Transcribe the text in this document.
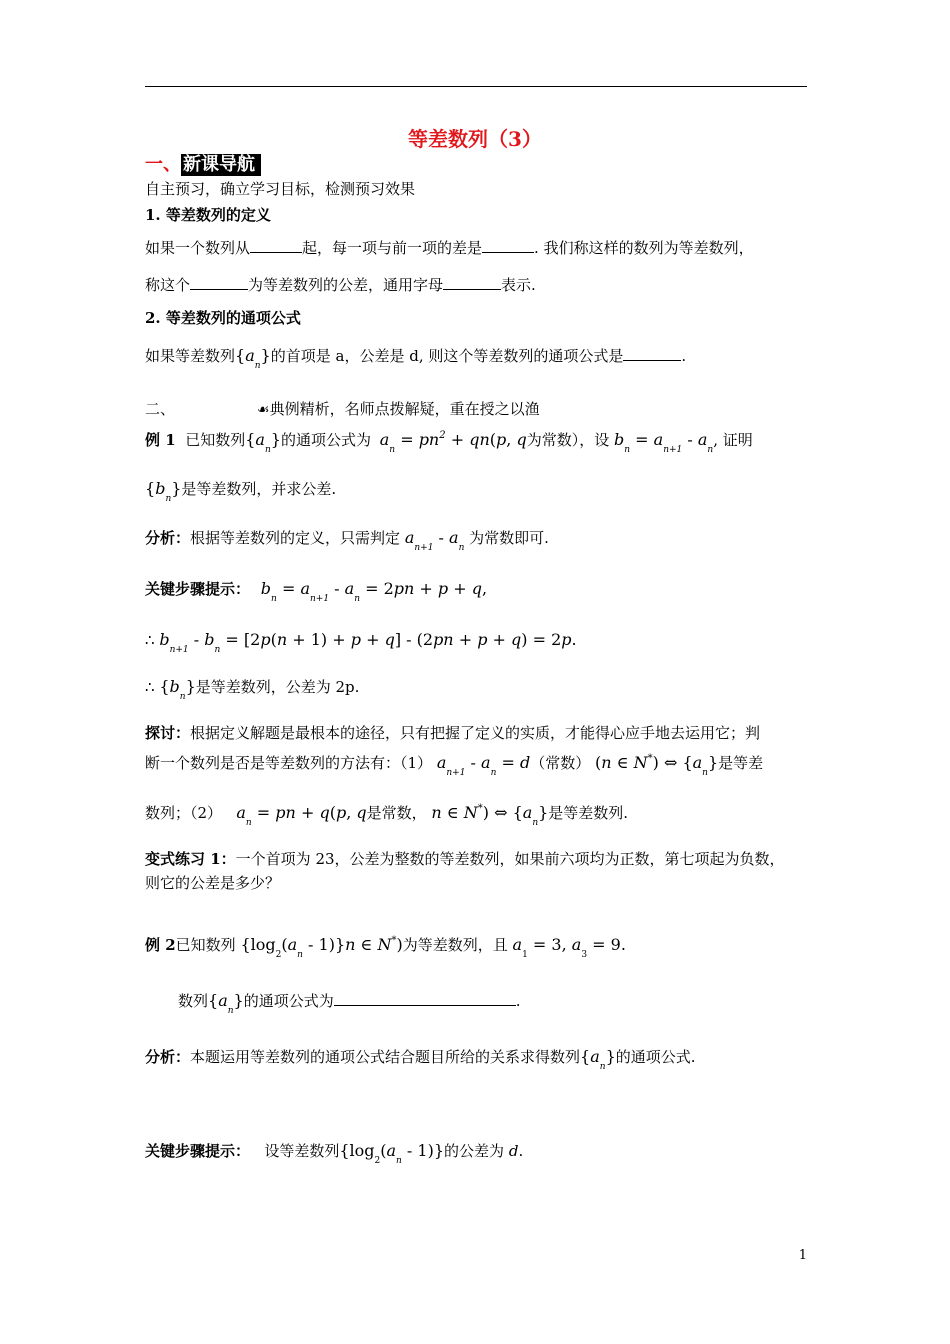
等差数列（3）
一、 新课导航
自主预习，确立学习目标，检测预习效果
1. 等差数列的定义
如果一个数列从	起，每一项与前一项的差是	. 我们称这样的数列为等差数列，
称这个	为等差数列的公差，通用字母	表示.
2. 等差数列的通项公式
如果等差数列$\{a_n\}$的首项是 a，公差是 d, 则这个等差数列的通项公式是	.
二、	☙典例精析，名师点拨解疑，重在授之以渔
例 1 已知数列$\{a_n\}$的通项公式为 $a_n = pn^2 + qn(p$, q为常数），设 $b_n = a_{n+1} - a_n$, 证明
$\{b_n\}$是等差数列，并求公差.
分析：根据等差数列的定义，只需判定 $a_{n+1} - a_n$ 为常数即可.
关键步骤提示： $b_n = a_{n+1} - a_n = 2pn + p + q$,
∴ $b_{n+1} - b_n = [2p(n + 1) + p + q] - (2pn + p + q) = 2p$.
∴ $\{b_n\}$是等差数列，公差为 2p.
探讨：根据定义解题是最根本的途径，只有把握了定义的实质，才能得心应手地去运用它；判
断一个数列是否是等差数列的方法有：（1） $a_{n+1} - a_n = d$（常数） (n ∈ N*) ⇔ $\{a_n\}$是等差
数列；（2） $a_n$ = pn + q(p, q是常数， n ∈ N*) ⇔ $\{a_n\}$是等差数列.
变式练习 1：一个首项为 23，公差为整数的等差数列，如果前六项均为正数，第七项起为负数，
则它的公差是多少？
例 2已知数列 $\{\log_2(a_n - 1)\}n$ ∈ N*)为等差数列，且 $a_1 = 3$, $a_3 = 9$.
数列$\{a_n\}$的通项公式为	.
分析：本题运用等差数列的通项公式结合题目所给的关系求得数列$\{a_n\}$的通项公式.
关键步骤提示： 设等差数列$\{\log_2(a_n - 1)\}$的公差为 d.
1
